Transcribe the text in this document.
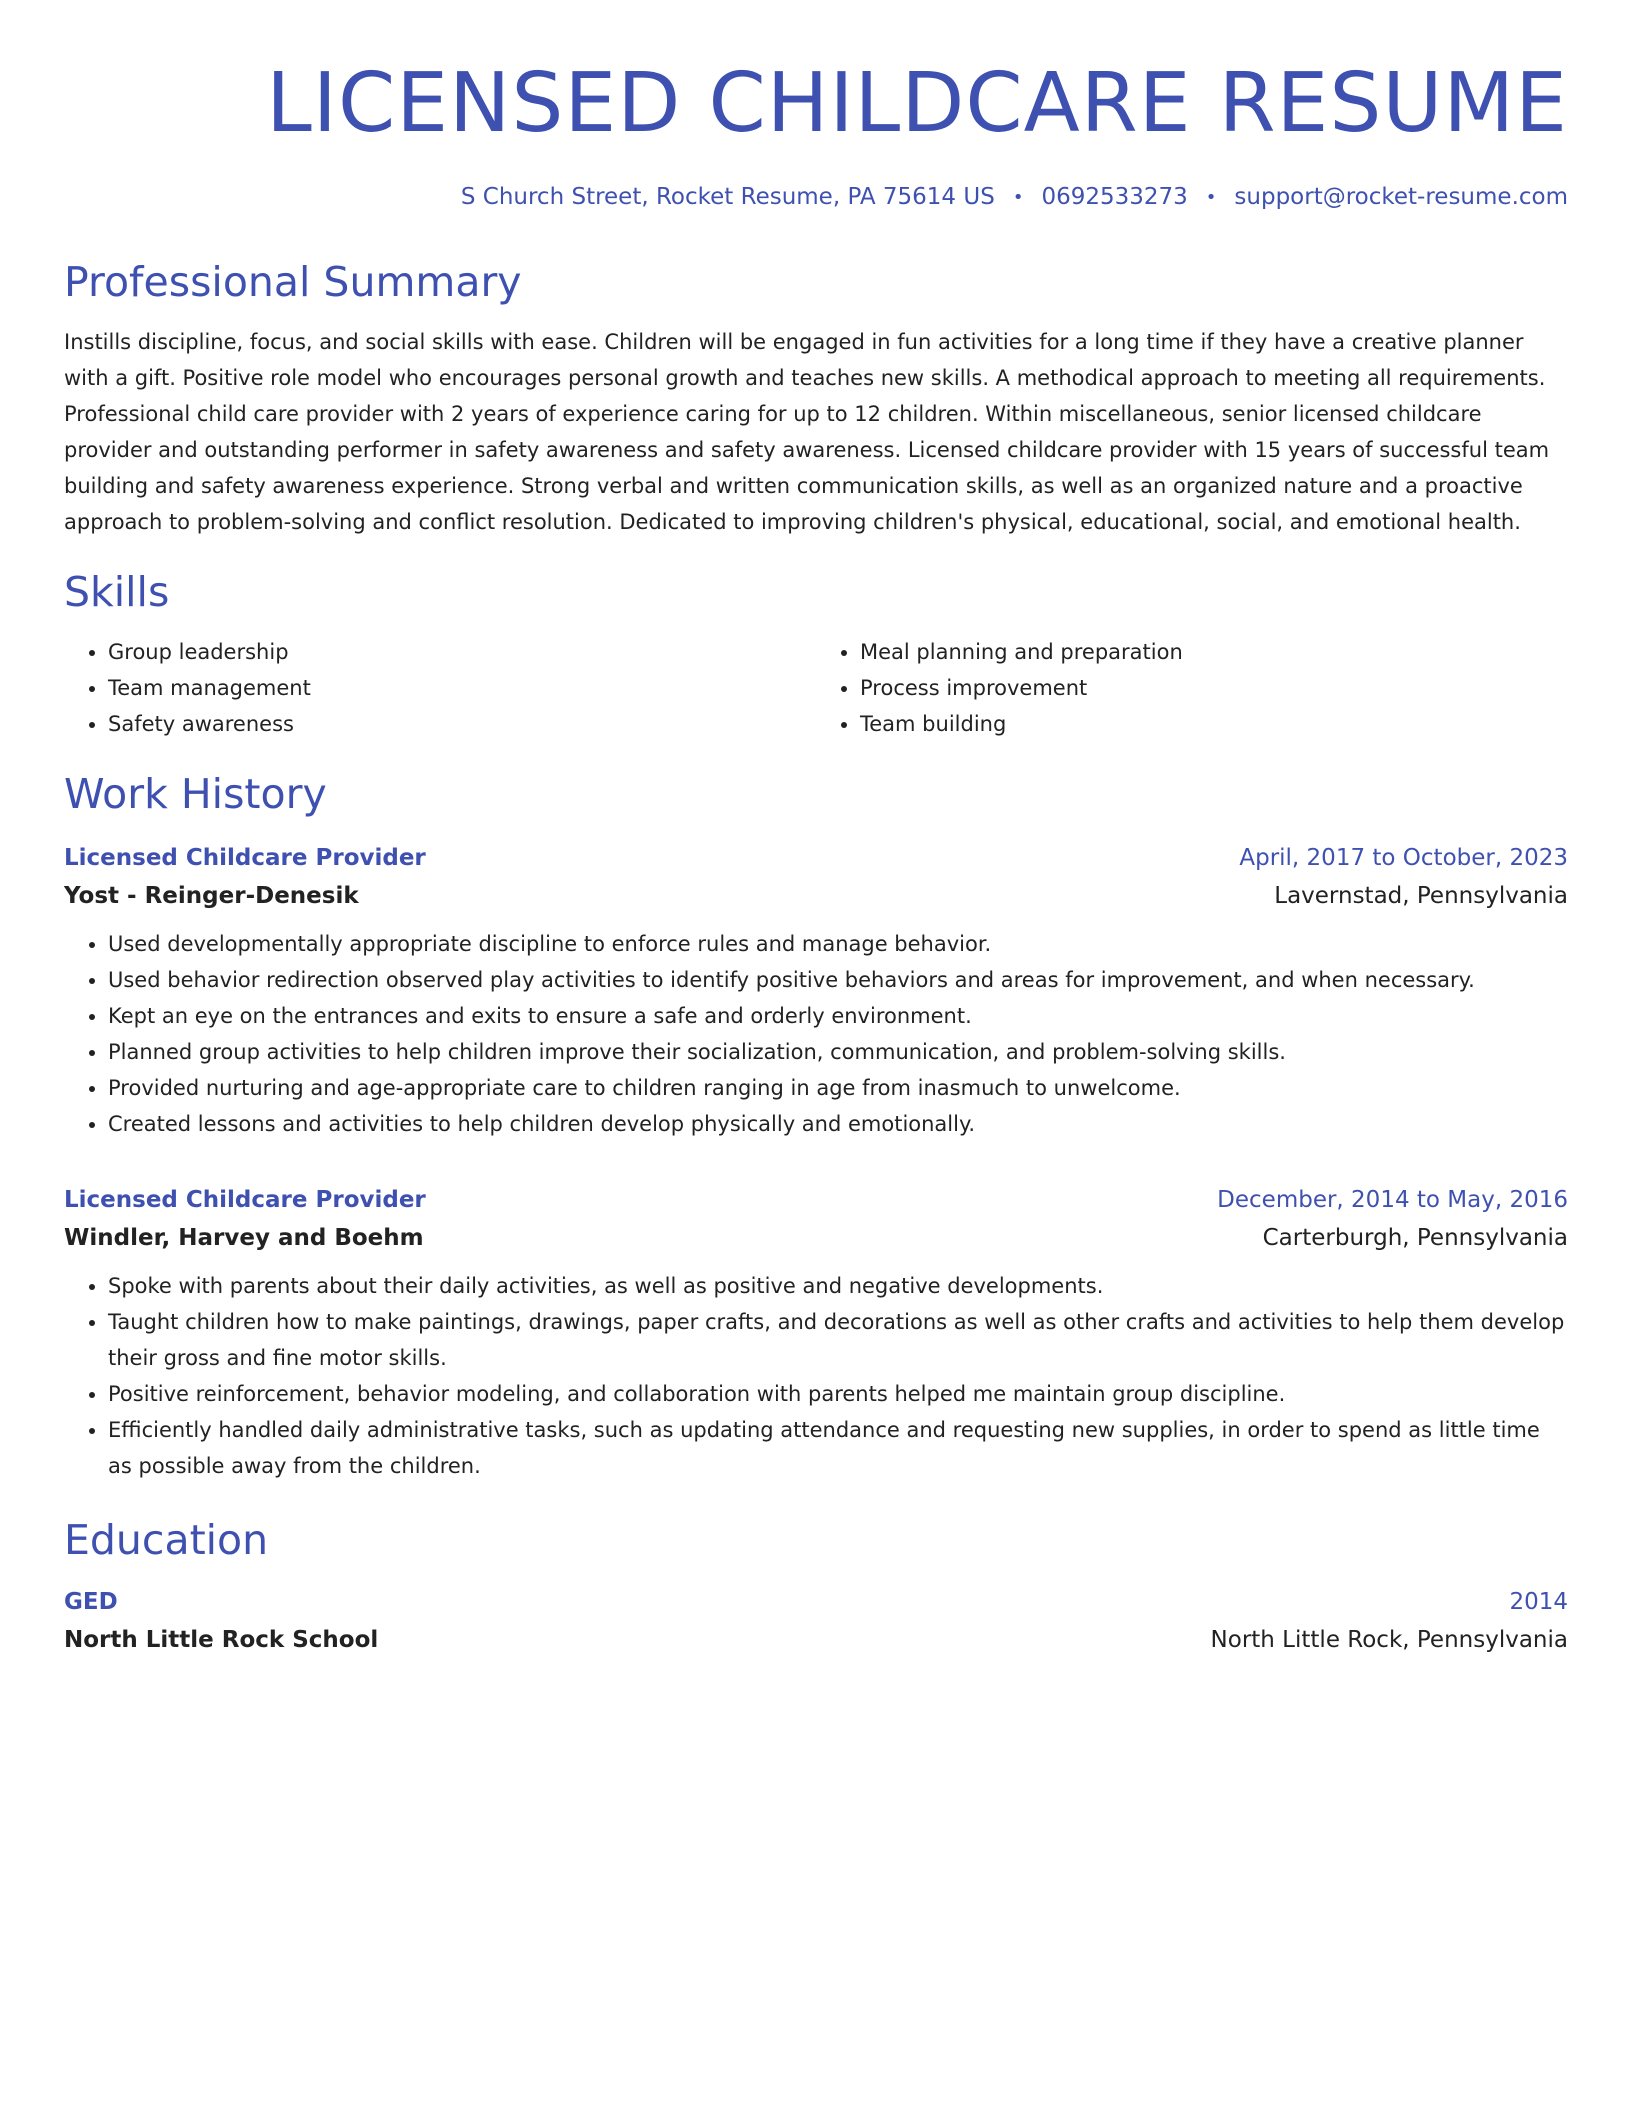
LICENSED CHILDCARE RESUME
S Church Street, Rocket Resume, PA 75614 US • 0692533273 • support@rocket-resume.com
Professional Summary
Instills discipline, focus, and social skills with ease. Children will be engaged in fun activities for a long time if they have a creative planner with a gift. Positive role model who encourages personal growth and teaches new skills. A methodical approach to meeting all requirements. Professional child care provider with 2 years of experience caring for up to 12 children. Within miscellaneous, senior licensed childcare provider and outstanding performer in safety awareness and safety awareness. Licensed childcare provider with 15 years of successful team building and safety awareness experience. Strong verbal and written communication skills, as well as an organized nature and a proactive approach to problem-solving and conflict resolution. Dedicated to improving children's physical, educational, social, and emotional health.
Skills
• Group leadership
• Team management
• Safety awareness
• Meal planning and preparation
• Process improvement
• Team building
Work History
Licensed Childcare Provider	April, 2017 to October, 2023
Yost - Reinger-Denesik	Lavernstad, Pennsylvania
• Used developmentally appropriate discipline to enforce rules and manage behavior.
• Used behavior redirection observed play activities to identify positive behaviors and areas for improvement, and when necessary.
• Kept an eye on the entrances and exits to ensure a safe and orderly environment.
• Planned group activities to help children improve their socialization, communication, and problem-solving skills.
• Provided nurturing and age-appropriate care to children ranging in age from inasmuch to unwelcome.
• Created lessons and activities to help children develop physically and emotionally.
Licensed Childcare Provider	December, 2014 to May, 2016
Windler, Harvey and Boehm	Carterburgh, Pennsylvania
• Spoke with parents about their daily activities, as well as positive and negative developments.
• Taught children how to make paintings, drawings, paper crafts, and decorations as well as other crafts and activities to help them develop their gross and fine motor skills.
• Positive reinforcement, behavior modeling, and collaboration with parents helped me maintain group discipline.
• Efficiently handled daily administrative tasks, such as updating attendance and requesting new supplies, in order to spend as little time as possible away from the children.
Education
GED	2014
North Little Rock School	North Little Rock, Pennsylvania
